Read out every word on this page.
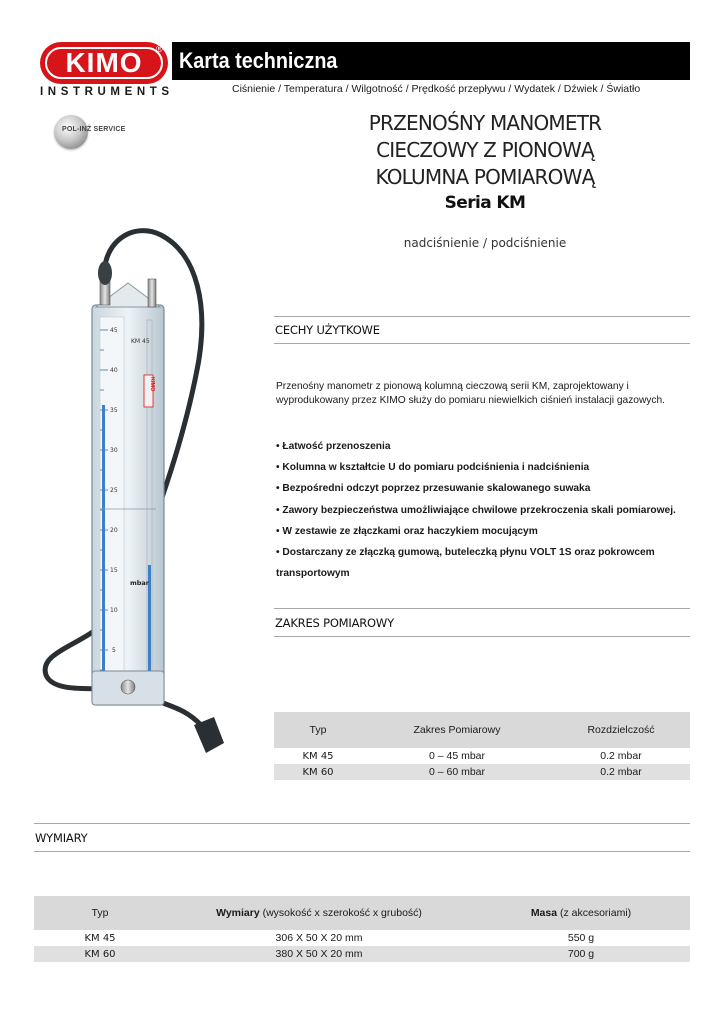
KIMO ®
INSTRUMENTS
Karta techniczna
Ciśnienie / Temperatura / Wilgotność / Prędkość przepływu / Wydatek / Dźwiek / Światło
POL-INŻ SERVICE	PRZENOŚNY MANOMETR
CIECZOWY Z PIONOWĄ
KOLUMNA POMIAROWĄ
Seria KM
nadciśnienie / podciśnienie
45
40
35
30
25
20
15
10
5
KM 45
KIMO
mbar
CECHY UŻYTKOWE

Przenośny manometr z pionową kolumną cieczową serii KM, zaprojektowany i wyprodukowany przez KIMO służy do pomiaru niewielkich ciśnień instalacji gazowych.

• Łatwość przenoszenia
• Kolumna w kształtcie U do pomiaru podciśnienia i nadciśnienia
• Bezpośredni odczyt poprzez przesuwanie skalowanego suwaka
• Zawory bezpieczeństwa umożliwiające chwilowe przekroczenia skali pomiarowej.
• W zestawie ze złączkami oraz haczykiem mocującym
• Dostarczany ze złączką gumową, buteleczką płynu VOLT 1S oraz pokrowcem transportowym
ZAKRES POMIAROWY
Typ	Zakres Pomiarowy	Rozdzielczość
KM 45	0 – 45 mbar	0.2 mbar
KM 60	0 – 60 mbar	0.2 mbar
WYMIARY
Typ	Wymiary (wysokość x szerokość x grubość)	Masa (z akcesoriami)
KM 45	306 X 50 X 20 mm	550 g
KM 60	380 X 50 X 20 mm	700 g
